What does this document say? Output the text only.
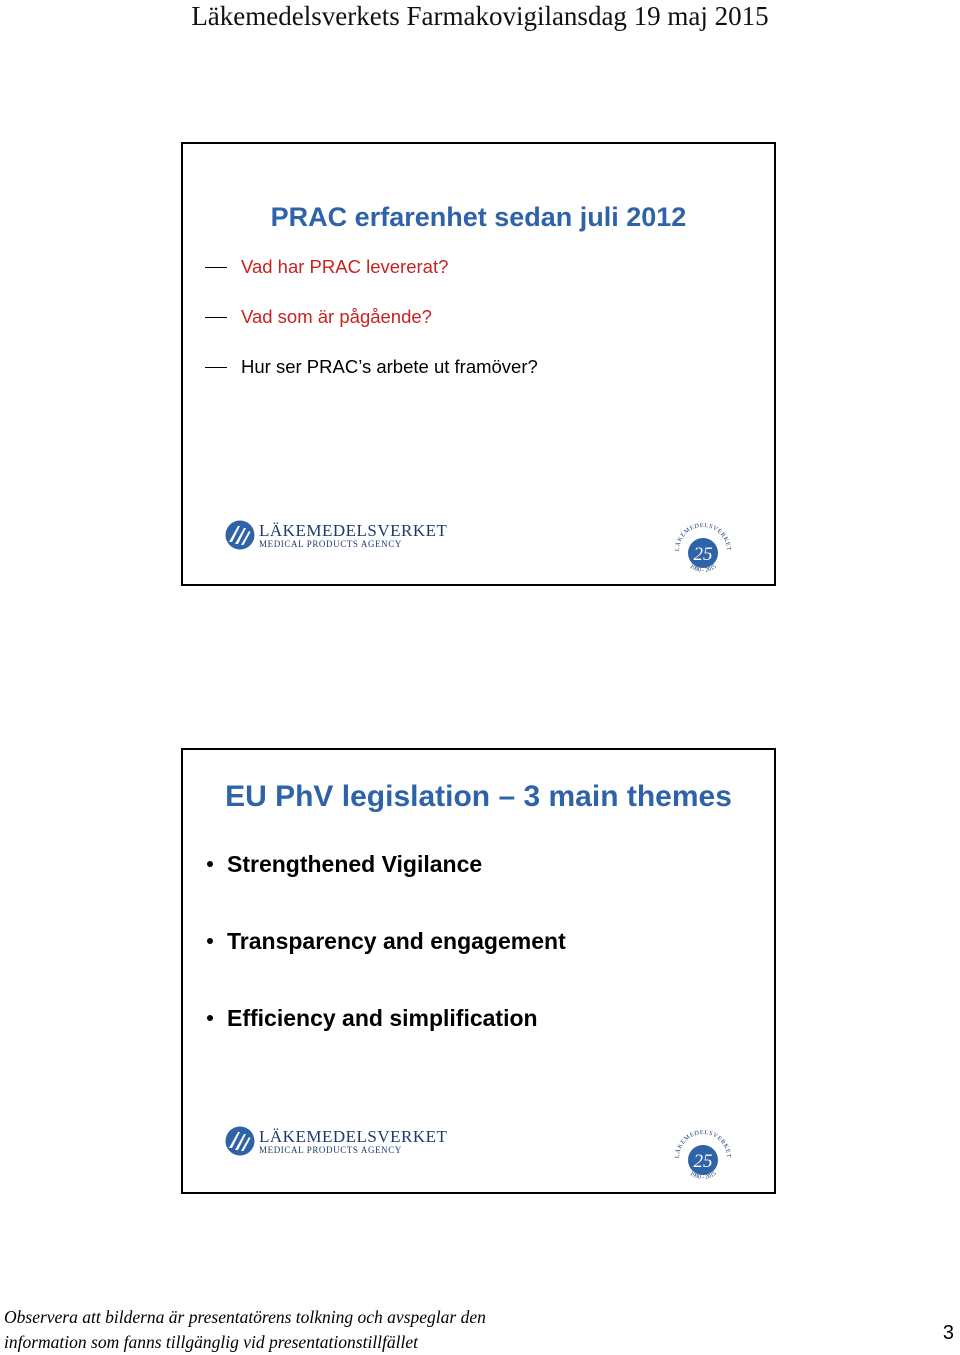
Läkemedelsverkets Farmakovigilansdag 19 maj 2015
PRAC erfarenhet sedan juli 2012
Vad har PRAC levererat?
Vad som är pågående?
Hur ser PRAC’s arbete ut framöver?
LÄKEMEDELSVERKET
MEDICAL PRODUCTS AGENCY
LÄKEMEDELSVERKET
25
1990 - 2015
EU PhV legislation – 3 main themes
Strengthened Vigilance
Transparency and engagement
Efficiency and simplification
LÄKEMEDELSVERKET
MEDICAL PRODUCTS AGENCY
LÄKEMEDELSVERKET
25
1990 - 2015
Observera att bilderna är presentatörens tolkning och avspeglar den
information som fanns tillgänglig vid presentationstillfället	3
